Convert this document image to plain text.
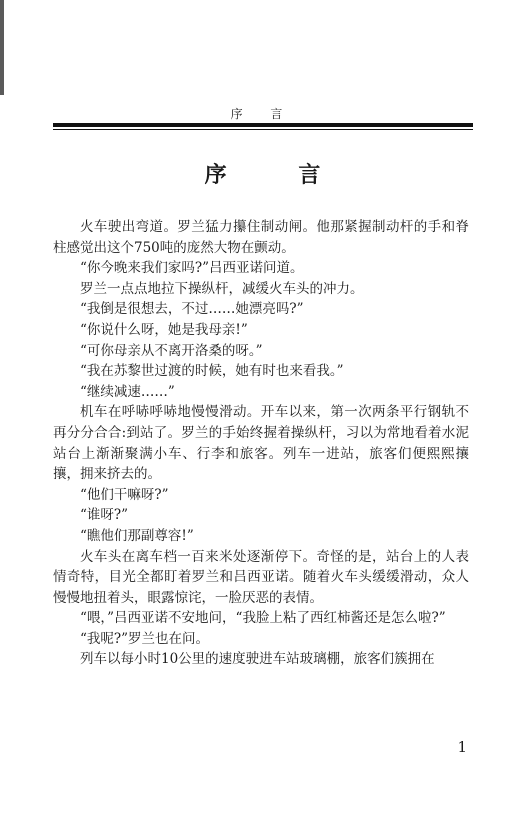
序 言
序 言

火车驶出弯道。罗兰猛力攥住制动闸。他那紧握制动杆的手和脊柱感觉出这个750吨的庞然大物在颤动。

“你今晚来我们家吗?”吕西亚诺问道。

罗兰一点点地拉下操纵杆，减缓火车头的冲力。

“我倒是很想去，不过……她漂亮吗?”

“你说什么呀，她是我母亲!”

“可你母亲从不离开洛桑的呀。”

“我在苏黎世过渡的时候，她有时也来看我。”

“继续减速……”

机车在呼哧呼哧地慢慢滑动。开车以来，第一次两条平行钢轨不再分分合合:到站了。罗兰的手始终握着操纵杆，习以为常地看着水泥站台上渐渐聚满小车、行李和旅客。列车一进站，旅客们便熙熙攘攘，拥来挤去的。

“他们干嘛呀?”

“谁呀?”

“瞧他们那副尊容!”

火车头在离车档一百来米处逐渐停下。奇怪的是，站台上的人表情奇特，目光全都盯着罗兰和吕西亚诺。随着火车头缓缓滑动，众人慢慢地扭着头，眼露惊诧，一脸厌恶的表情。

“喂，”吕西亚诺不安地问，“我脸上粘了西红柿酱还是怎么啦?”

“我呢?”罗兰也在问。

列车以每小时10公里的速度驶进车站玻璃棚，旅客们簇拥在

1
